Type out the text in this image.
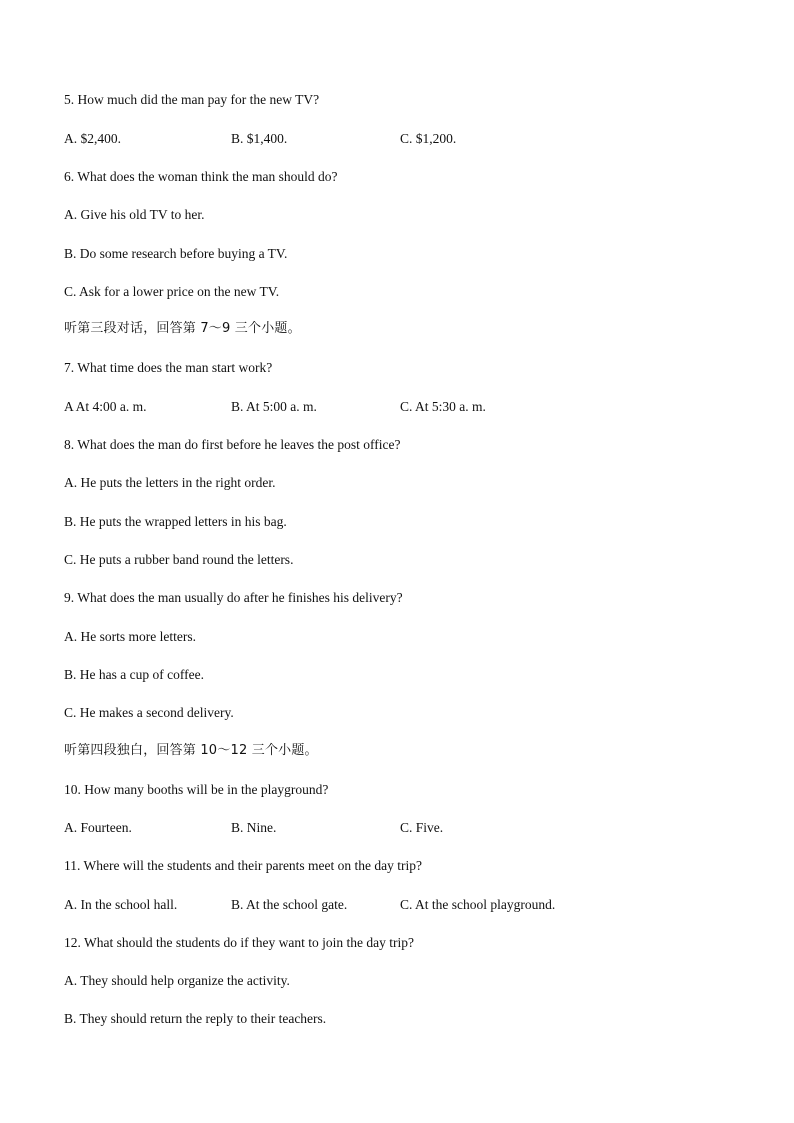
5. How much did the man pay for the new TV?
A. $2,400.	B. $1,400.	C. $1,200.
6. What does the woman think the man should do?
A. Give his old TV to her.
B. Do some research before buying a TV.
C. Ask for a lower price on the new TV.
听第三段对话，回答第 7～9 三个小题。
7. What time does the man start work?
A At 4:00 a. m.	B. At 5:00 a. m.	C. At 5:30 a. m.
8. What does the man do first before he leaves the post office?
A. He puts the letters in the right order.
B. He puts the wrapped letters in his bag.
C. He puts a rubber band round the letters.
9. What does the man usually do after he finishes his delivery?
A. He sorts more letters.
B. He has a cup of coffee.
C. He makes a second delivery.
听第四段独白，回答第 10～12 三个小题。
10. How many booths will be in the playground?
A. Fourteen.	B. Nine.	C. Five.
11. Where will the students and their parents meet on the day trip?
A. In the school hall.	B. At the school gate.	C. At the school playground.
12. What should the students do if they want to join the day trip?
A. They should help organize the activity.
B. They should return the reply to their teachers.
